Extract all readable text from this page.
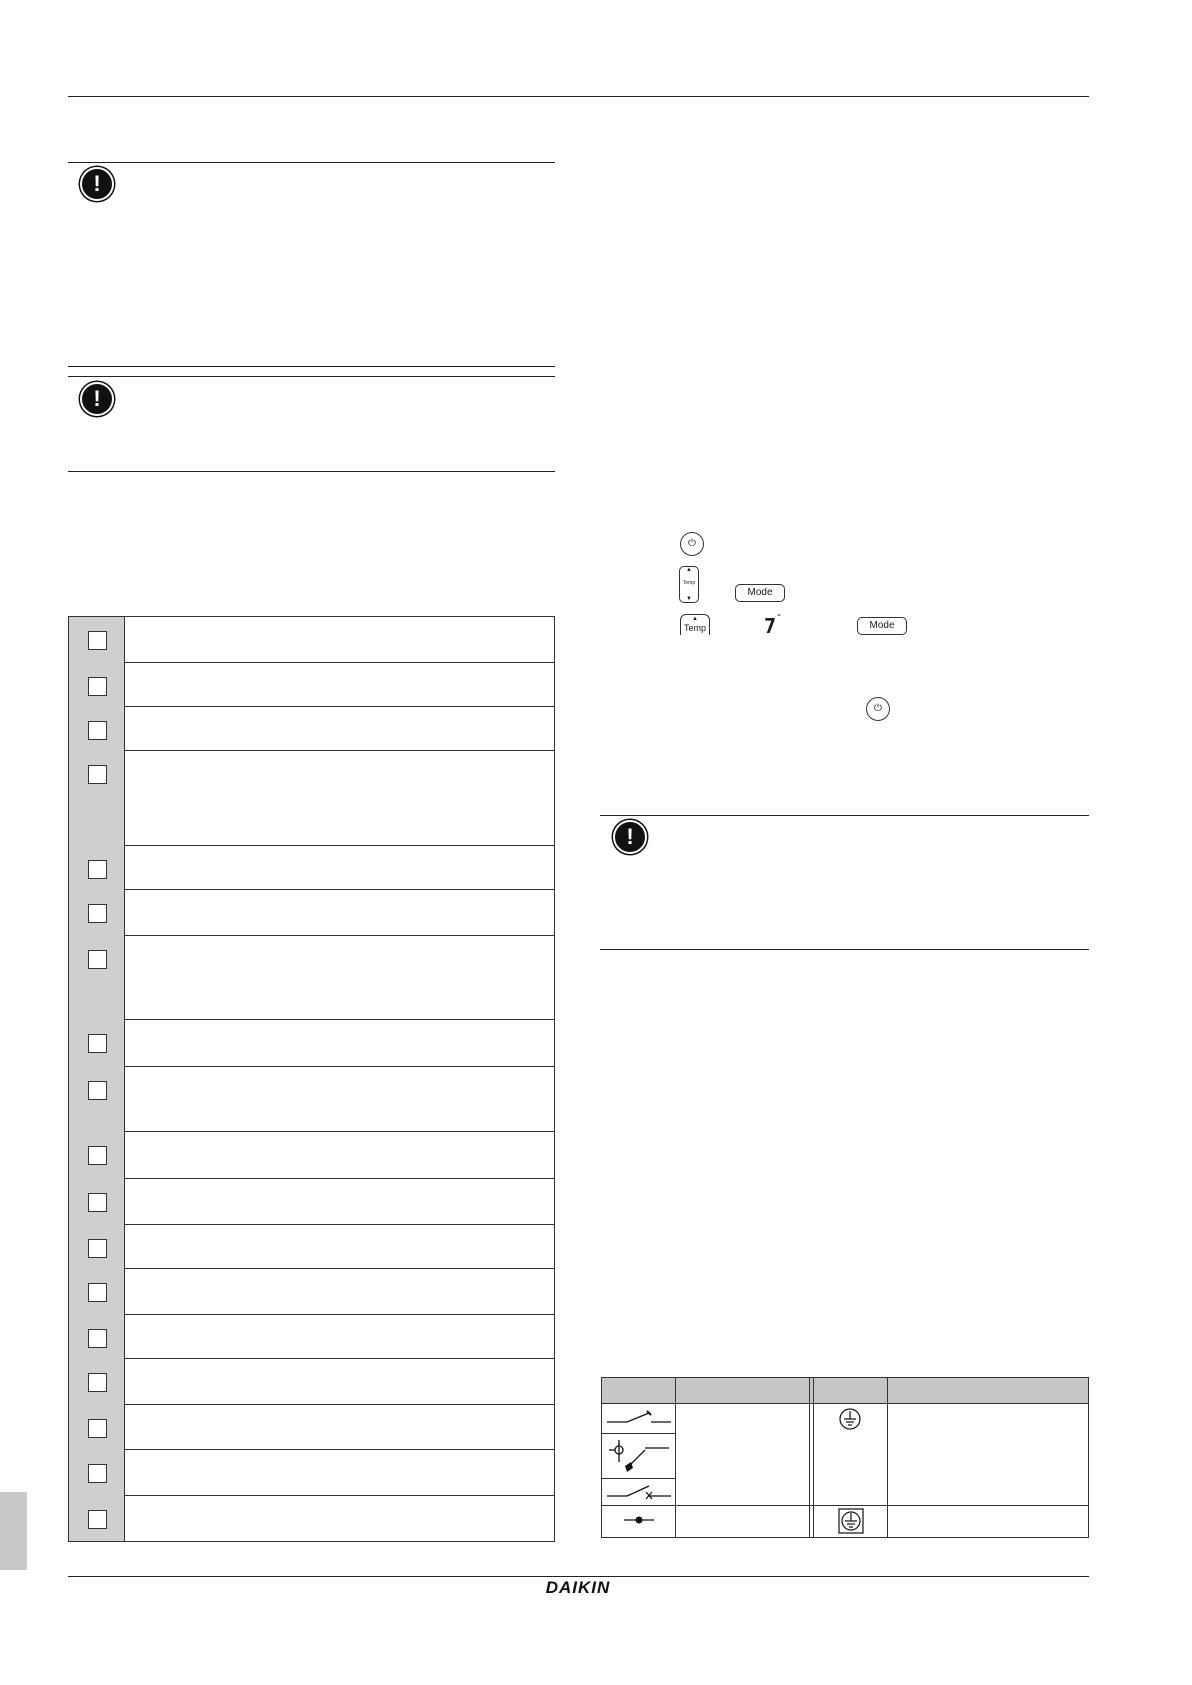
!
!
⏻
▲
Temp
▼
Mode
▲
Temp	$7^ˉ$
Mode
⏻
!
DAIKIN
